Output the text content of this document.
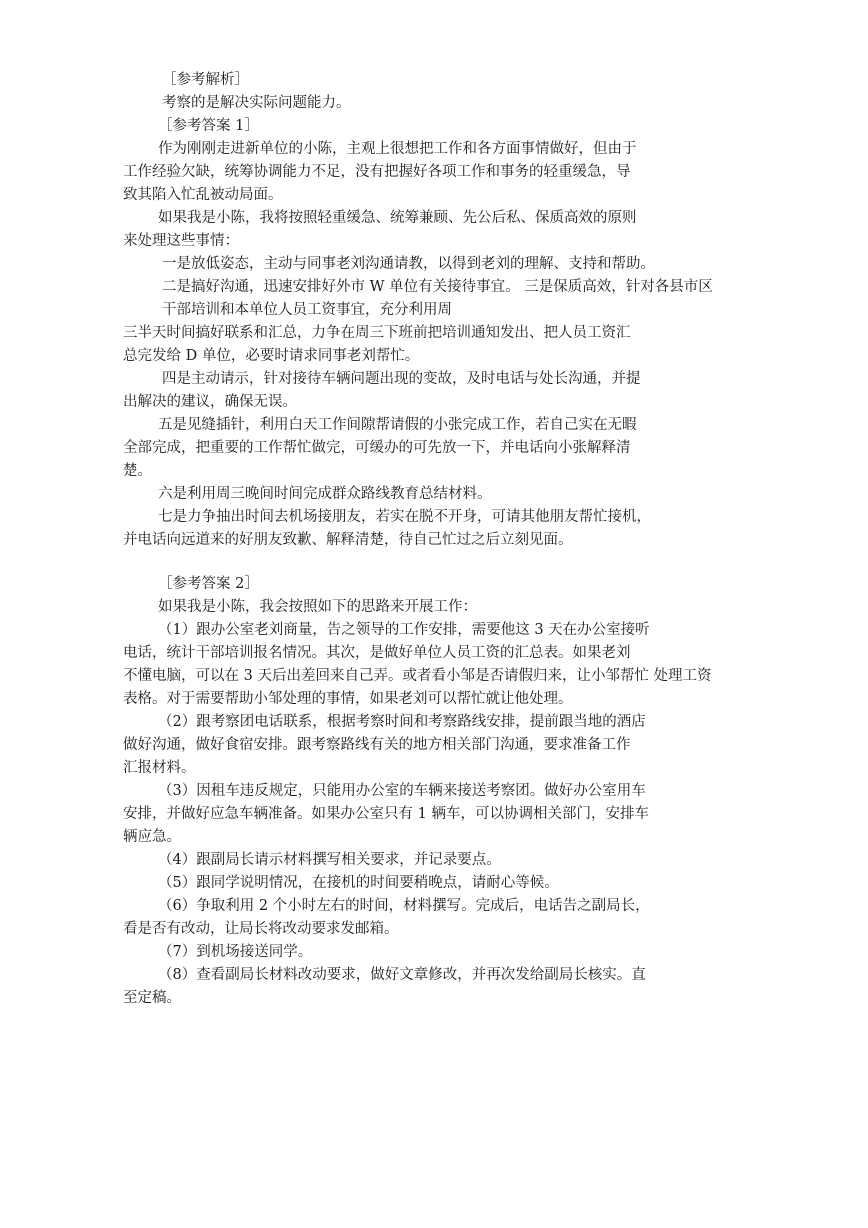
［参考解析］
考察的是解决实际问题能力。
［参考答案 1］
作为刚刚走进新单位的小陈，主观上很想把工作和各方面事情做好，但由于
工作经验欠缺，统筹协调能力不足，没有把握好各项工作和事务的轻重缓急，导
致其陷入忙乱被动局面。
如果我是小陈，我将按照轻重缓急、统筹兼顾、先公后私、保质高效的原则
来处理这些事情：
一是放低姿态，主动与同事老刘沟通请教，以得到老刘的理解、支持和帮助。
二是搞好沟通，迅速安排好外市 W 单位有关接待事宜。 三是保质高效，针对各县市区
干部培训和本单位人员工资事宜，充分利用周
三半天时间搞好联系和汇总，力争在周三下班前把培训通知发出、把人员工资汇
总完发给 D 单位，必要时请求同事老刘帮忙。
四是主动请示，针对接待车辆问题出现的变故，及时电话与处长沟通，并提
出解决的建议，确保无误。
五是见缝插针，利用白天工作间隙帮请假的小张完成工作，若自己实在无暇
全部完成，把重要的工作帮忙做完，可缓办的可先放一下，并电话向小张解释清
楚。
六是利用周三晚间时间完成群众路线教育总结材料。
七是力争抽出时间去机场接朋友，若实在脱不开身，可请其他朋友帮忙接机，
并电话向远道来的好朋友致歉、解释清楚，待自己忙过之后立刻见面。
［参考答案 2］
如果我是小陈，我会按照如下的思路来开展工作：
（1）跟办公室老刘商量，告之领导的工作安排，需要他这 3 天在办公室接听
电话，统计干部培训报名情况。其次，是做好单位人员工资的汇总表。如果老刘
不懂电脑，可以在 3 天后出差回来自己弄。或者看小邹是否请假归来，让小邹帮忙 处理工资
表格。对于需要帮助小邹处理的事情，如果老刘可以帮忙就让他处理。
（2）跟考察团电话联系，根据考察时间和考察路线安排，提前跟当地的酒店
做好沟通，做好食宿安排。跟考察路线有关的地方相关部门沟通，要求准备工作
汇报材料。
（3）因租车违反规定，只能用办公室的车辆来接送考察团。做好办公室用车
安排，并做好应急车辆准备。如果办公室只有 1 辆车，可以协调相关部门，安排车
辆应急。
（4）跟副局长请示材料撰写相关要求，并记录要点。
（5）跟同学说明情况，在接机的时间要稍晚点，请耐心等候。
（6）争取利用 2 个小时左右的时间，材料撰写。完成后，电话告之副局长，
看是否有改动，让局长将改动要求发邮箱。
（7）到机场接送同学。
（8）查看副局长材料改动要求，做好文章修改，并再次发给副局长核实。直
至定稿。
